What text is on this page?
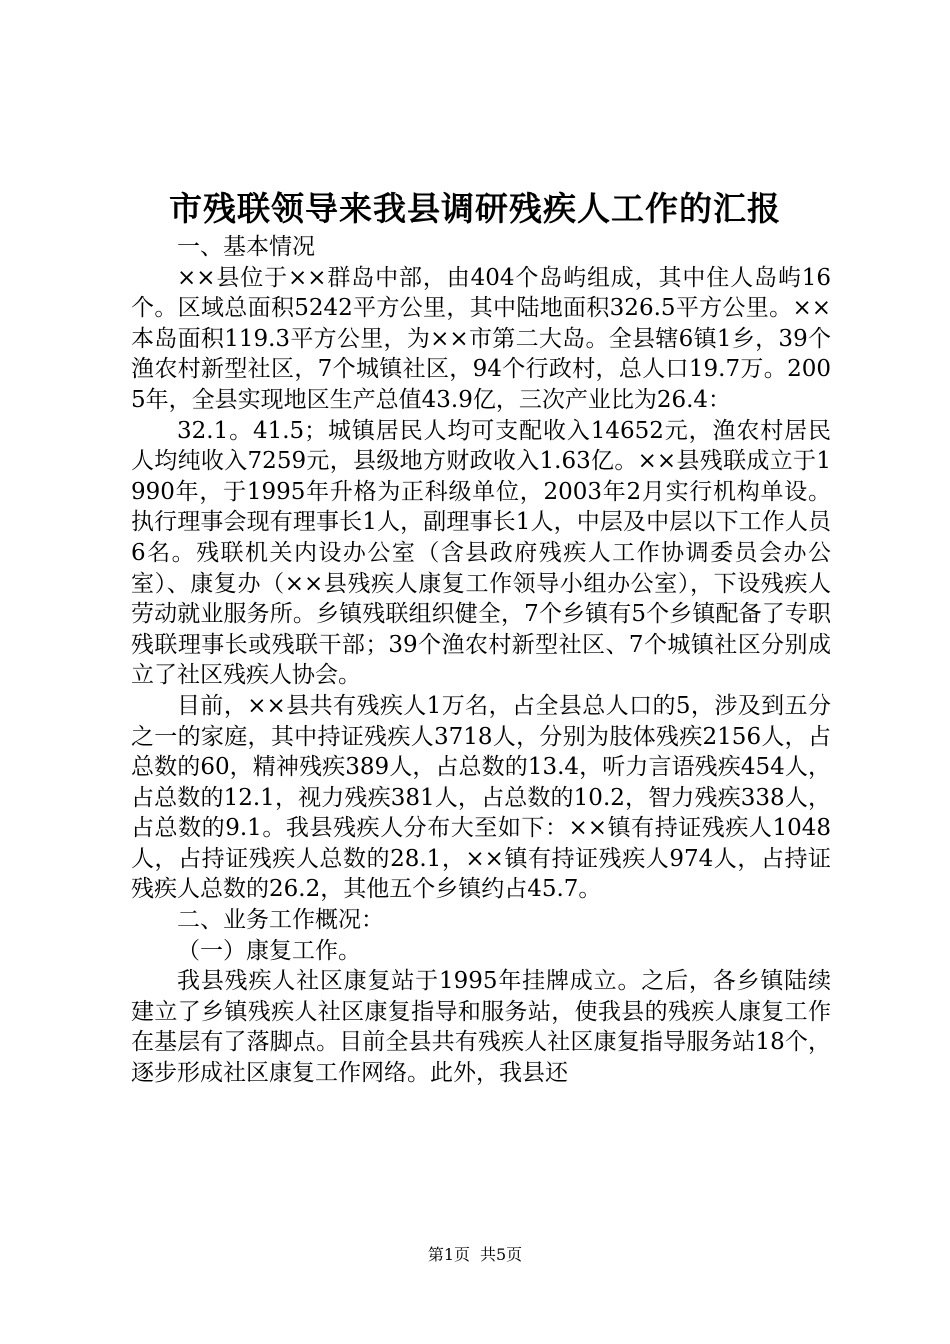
市残联领导来我县调研残疾人工作的汇报

一、基本情况

××县位于××群岛中部，由404个岛屿组成，其中住人岛屿16个。区域总面积5242平方公里，其中陆地面积326.5平方公里。××本岛面积119.3平方公里，为××市第二大岛。全县辖6镇1乡，39个渔农村新型社区，7个城镇社区，94个行政村，总人口19.7万。2005年，全县实现地区生产总值43.9亿，三次产业比为26.4：

32.1。41.5；城镇居民人均可支配收入14652元，渔农村居民人均纯收入7259元，县级地方财政收入1.63亿。××县残联成立于1990年，于1995年升格为正科级单位，2003年2月实行机构单设。执行理事会现有理事长1人，副理事长1人，中层及中层以下工作人员6名。残联机关内设办公室（含县政府残疾人工作协调委员会办公室）、康复办（××县残疾人康复工作领导小组办公室），下设残疾人劳动就业服务所。乡镇残联组织健全，7个乡镇有5个乡镇配备了专职残联理事长或残联干部；39个渔农村新型社区、7个城镇社区分别成立了社区残疾人协会。

目前，××县共有残疾人1万名，占全县总人口的5，涉及到五分之一的家庭，其中持证残疾人3718人，分别为肢体残疾2156人，占总数的60，精神残疾389人，占总数的13.4，听力言语残疾454人，占总数的12.1，视力残疾381人，占总数的10.2，智力残疾338人，占总数的9.1。我县残疾人分布大至如下：××镇有持证残疾人1048人，占持证残疾人总数的28.1，××镇有持证残疾人974人，占持证残疾人总数的26.2，其他五个乡镇约占45.7。

二、业务工作概况：

（一）康复工作。

我县残疾人社区康复站于1995年挂牌成立。之后，各乡镇陆续建立了乡镇残疾人社区康复指导和服务站，使我县的残疾人康复工作在基层有了落脚点。目前全县共有残疾人社区康复指导服务站18个，逐步形成社区康复工作网络。此外，我县还

第1页 共5页
